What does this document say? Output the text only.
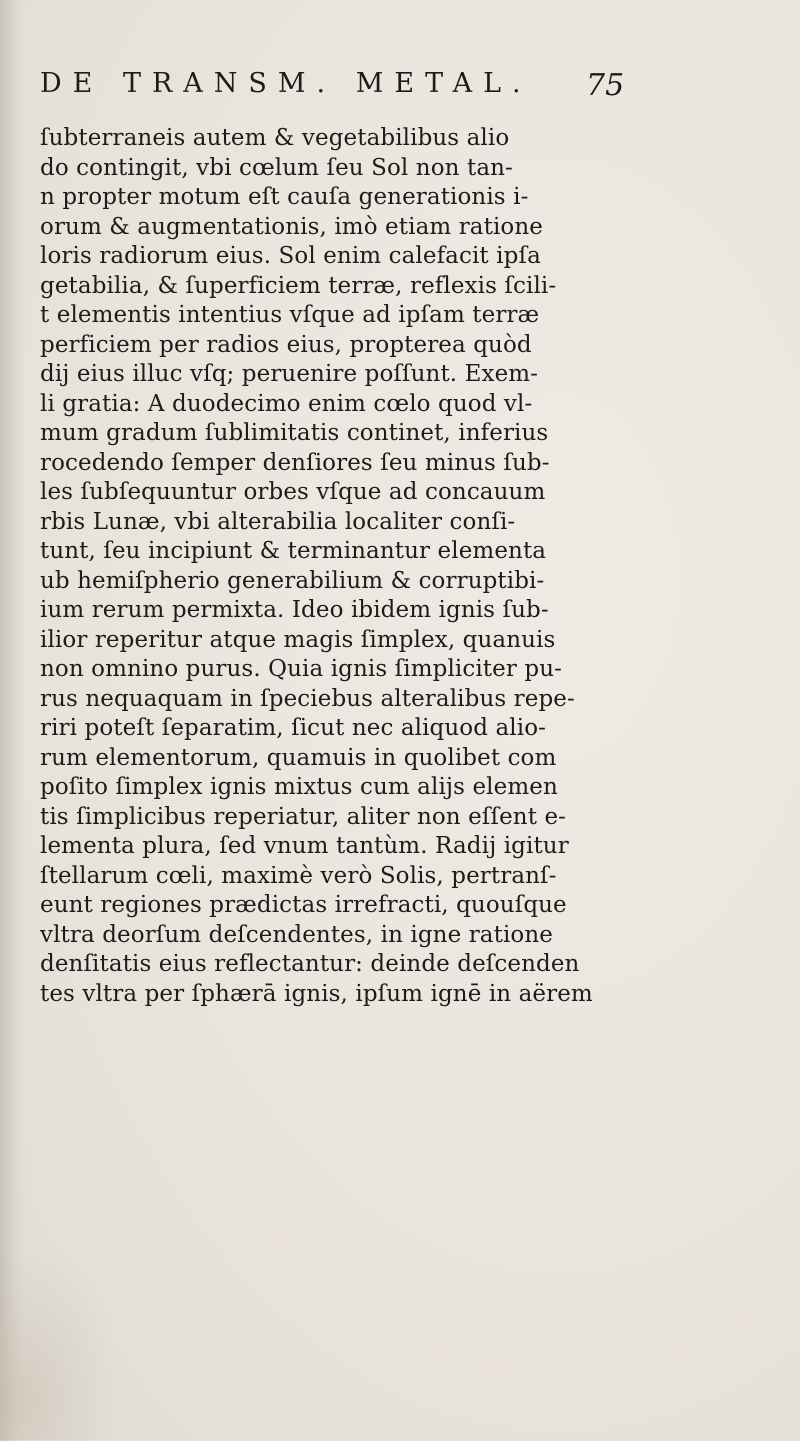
DE TRANSM. METAL. 75
ſubterraneis autem & vegetabilibus alio
do contingit, vbi cœlum ſeu Sol non tan-
n propter motum eſt cauſa generationis i-
orum & augmentationis, imò etiam ratione
loris radiorum eius. Sol enim calefacit ipſa
getabilia, & ſuperficiem terræ, reflexis ſcili-
t elementis intentius vſque ad ipſam terræ
perficiem per radios eius, propterea quòd
dij eius illuc vſq; peruenire poſſunt. Exem-
li gratia: A duodecimo enim cœlo quod vl-
mum gradum ſublimitatis continet, inferius
rocedendo ſemper denſiores ſeu minus ſub-
les ſubſequuntur orbes vſque ad concauum
rbis Lunæ, vbi alterabilia localiter conſi-
tunt, ſeu incipiunt & terminantur elementa
ub hemiſpherio generabilium & corruptibi-
ium rerum permixta. Ideo ibidem ignis ſub-
ilior reperitur atque magis ſimplex, quanuis
non omnino purus. Quia ignis ſimpliciter pu-
rus nequaquam in ſpeciebus alteralibus repe-
riri poteſt ſeparatim, ſicut nec aliquod alio-
rum elementorum, quamuis in quolibet com
poſito ſimplex ignis mixtus cum alijs elemen
tis ſimplicibus reperiatur, aliter non eſſent e-
lementa plura, ſed vnum tantùm. Radij igitur
ſtellarum cœli, maximè verò Solis, pertranſ-
eunt regiones prædictas irrefracti, quouſque
vltra deorſum deſcendentes, in igne ratione
denſitatis eius reflectantur: deinde deſcenden
tes vltra per ſphærā ignis, ipſum ignē in aërem
